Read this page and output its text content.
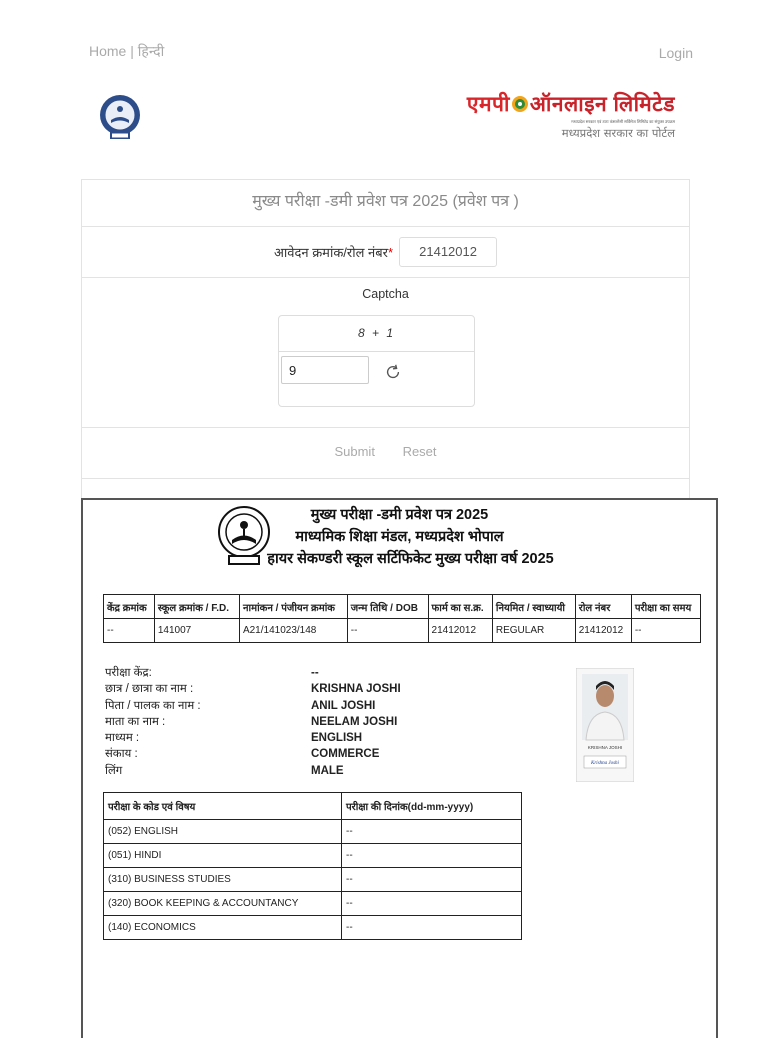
Home | हिन्दी	Login
एमपी ऑनलाइन लिमिटेड
मध्यप्रदेश सरकार एवं टाटा कंसल्टेंसी सर्विसेज लिमिटेड का संयुक्त उपक्रम
मध्यप्रदेश सरकार का पोर्टल
मुख्य परीक्षा -डमी प्रवेश पत्र 2025 (प्रवेश पत्र )
आवेदन क्रमांक/रोल नंबर*	21412012
Captcha
8 + 1
9
Submit Reset
मुख्य परीक्षा -डमी प्रवेश पत्र 2025
माध्यमिक शिक्षा मंडल, मध्यप्रदेश भोपाल
हायर सेकण्डरी स्कूल सर्टिफिकेट मुख्य परीक्षा वर्ष 2025
केंद्र क्रमांक	स्कूल क्रमांक / F.D.	नामांकन / पंजीयन क्रमांक	जन्म तिथि / DOB	फार्म का स.क्र.	नियमित / स्वाध्यायी	रोल नंबर	परीक्षा का समय
--	141007	A21/141023/148	--	21412012	REGULAR	21412012	--
परीक्षा केंद्र:	--
छात्र / छात्रा का नाम :	KRISHNA JOSHI
पिता / पालक का नाम :	ANIL JOSHI
माता का नाम :	NEELAM JOSHI
माध्यम :	ENGLISH
संकाय :	COMMERCE
लिंग	MALE
KRISHNA JOSHI
Krishna Joshi
परीक्षा के कोड एवं विषय	परीक्षा की दिनांक(dd-mm-yyyy)
(052) ENGLISH	--
(051) HINDI	--
(310) BUSINESS STUDIES	--
(320) BOOK KEEPING & ACCOUNTANCY	--
(140) ECONOMICS	--
